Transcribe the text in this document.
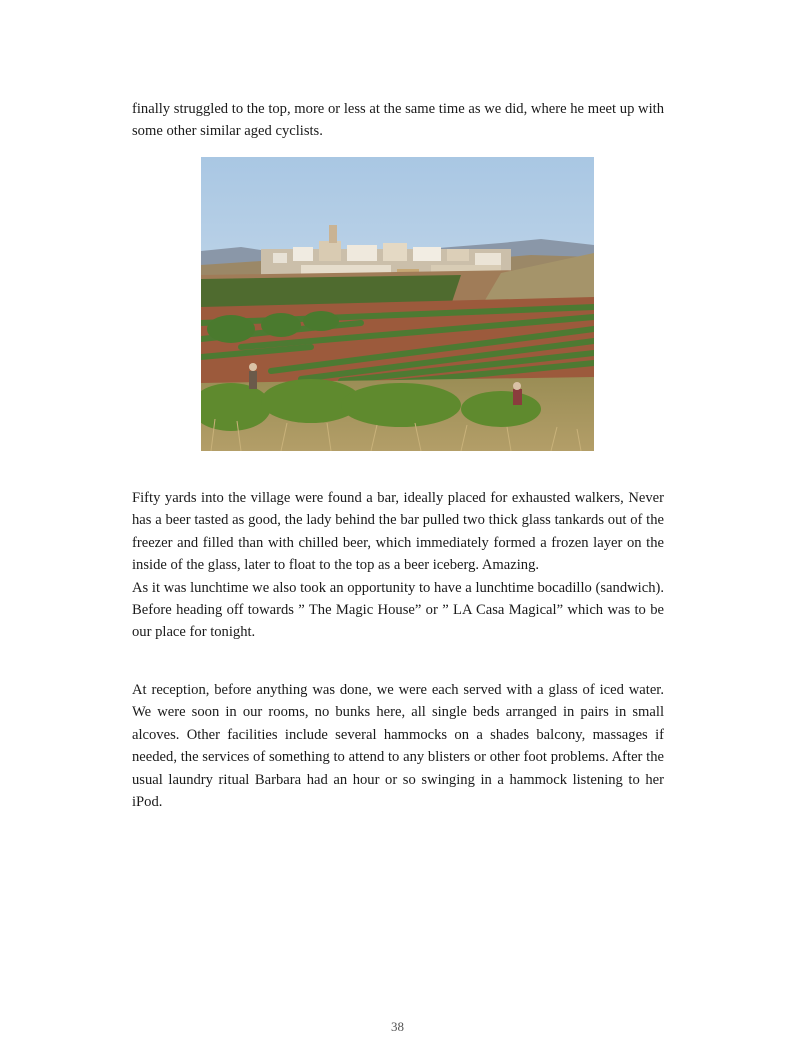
finally struggled to the top, more or less at the same time as we did, where he meet up with some other similar aged cyclists.

Fifty yards into the village were found a bar, ideally placed for exhausted walkers, Never has a beer tasted as good, the lady behind the bar pulled two thick glass tankards out of the freezer and filled than with chilled beer, which immediately formed a frozen layer on the inside of the glass, later to float to the top as a beer iceberg. Amazing.

As it was lunchtime we also took an opportunity to have a lunchtime bocadillo (sandwich). Before heading off towards ” The Magic House” or ” LA Casa Magical” which was to be our place for tonight.

At reception, before anything was done, we were each served with a glass of iced water. We were soon in our rooms, no bunks here, all single beds arranged in pairs in small alcoves. Other facilities include several hammocks on a shades balcony, massages if needed, the services of something to attend to any blisters or other foot problems. After the usual laundry ritual Barbara had an hour or so swinging in a hammock listening to her iPod.

38
